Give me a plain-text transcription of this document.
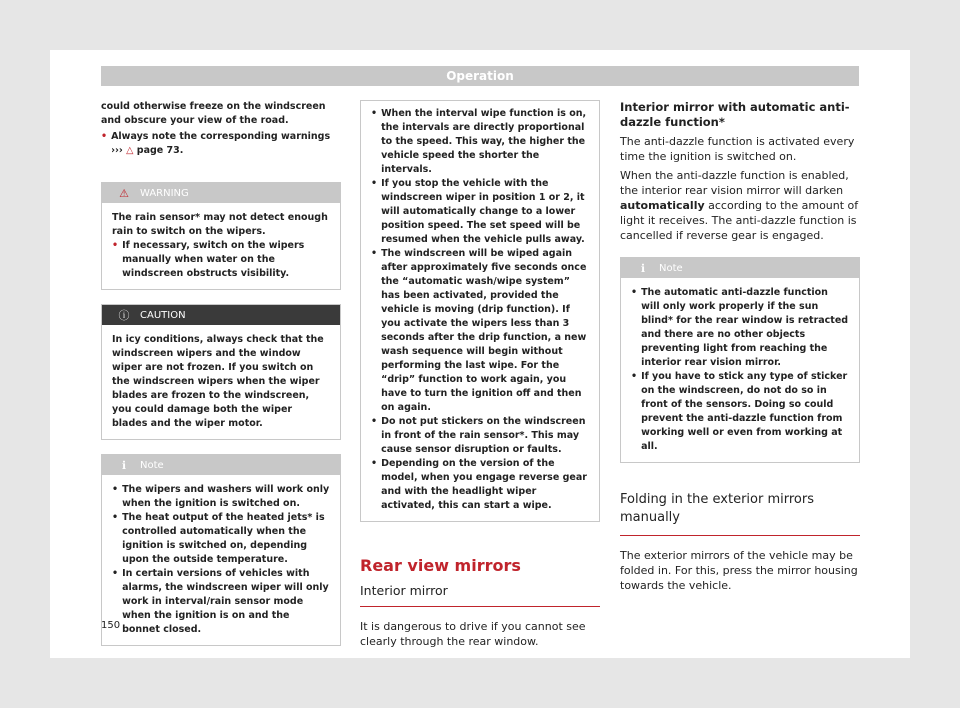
Operation
could otherwise freeze on the windscreen and obscure your view of the road.
• Always note the corresponding warnings
››› △ page 73.
⚠	WARNING
The rain sensor* may not detect enough rain to switch on the wipers.
• If necessary, switch on the wipers manually when water on the windscreen obstructs visibility.
ⓘ CAUTION
In icy conditions, always check that the windscreen wipers and the window wiper are not frozen. If you switch on the windscreen wipers when the wiper blades are frozen to the windscreen, you could damage both the wiper blades and the wiper motor.
ℹ	Note
• The wipers and washers will work only when the ignition is switched on.
• The heat output of the heated jets* is controlled automatically when the ignition is switched on, depending upon the outside temperature.
• In certain versions of vehicles with alarms, the windscreen wiper will only work in interval/rain sensor mode when the ignition is on and the bonnet closed.
• When the interval wipe function is on, the intervals are directly proportional to the speed. This way, the higher the vehicle speed the shorter the intervals.
• If you stop the vehicle with the windscreen wiper in position 1 or 2, it will automatically change to a lower position speed. The set speed will be resumed when the vehicle pulls away.
• The windscreen will be wiped again after approximately five seconds once the “automatic wash/wipe system” has been activated, provided the vehicle is moving (drip function). If you activate the wipers less than 3 seconds after the drip function, a new wash sequence will begin without performing the last wipe. For the “drip” function to work again, you have to turn the ignition off and then on again.
• Do not put stickers on the windscreen in front of the rain sensor*. This may cause sensor disruption or faults.
• Depending on the version of the model, when you engage reverse gear and with the headlight wiper activated, this can start a wipe.
Rear view mirrors
Interior mirror
It is dangerous to drive if you cannot see clearly through the rear window.
Interior mirror with automatic anti-dazzle function*
The anti-dazzle function is activated every time the ignition is switched on.
When the anti-dazzle function is enabled, the interior rear vision mirror will darken automatically according to the amount of light it receives. The anti-dazzle function is cancelled if reverse gear is engaged.
ℹ	Note
• The automatic anti-dazzle function will only work properly if the sun blind* for the rear window is retracted and there are no other objects preventing light from reaching the interior rear vision mirror.
• If you have to stick any type of sticker on the windscreen, do not do so in front of the sensors. Doing so could prevent the anti-dazzle function from working well or even from working at all.
Folding in the exterior mirrors manually
The exterior mirrors of the vehicle may be folded in. For this, press the mirror housing towards the vehicle.
150
